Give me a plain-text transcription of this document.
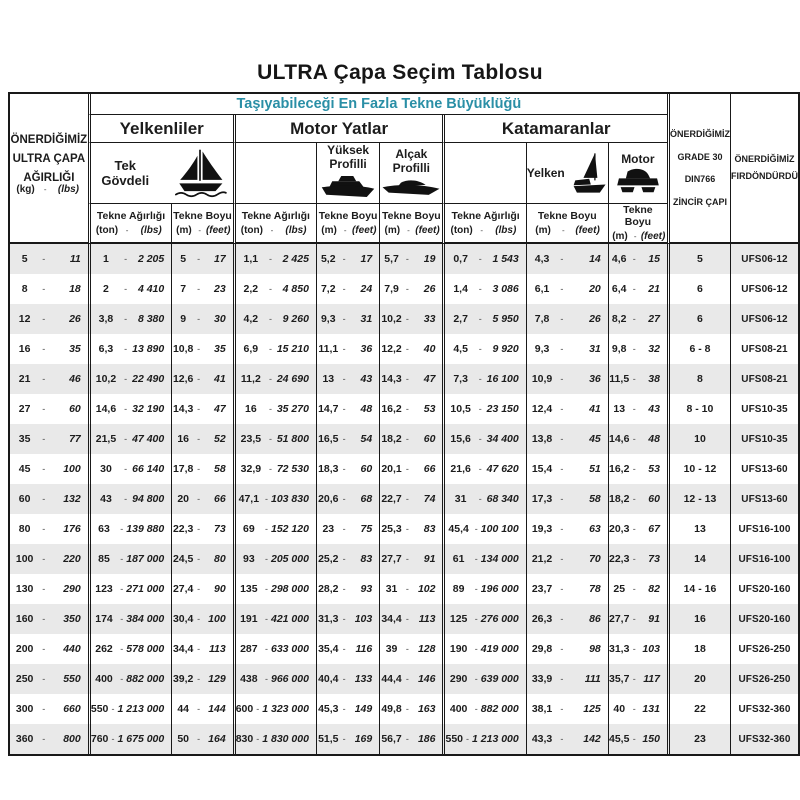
ULTRA Çapa Seçim Tablosu
ÖNERDİĞİMİZ
ULTRA ÇAPA
AĞIRLIĞI
(kg)	-	(lbs)
	Taşıyabileceği En Fazla Tekne Büyüklüğü	
ÖNERDİĞİMİZ
GRADE 30
DIN766
ZİNCİR ÇAPI

ÖNERDİĞİMİZ
FIRDÖNDÜRDÜ

	Yelkenliler		Motor Yatlar			Katamaranlar				

	Tek Gövdeli			Yüksek Profilli	Alçak Profilli		Yelken	Motor		

Tekne Ağırlığı
(ton) -	(lbs)

Tekne Boyu
(m) - (feet)

Tekne Ağırlığı
(ton) -	(lbs)

Tekne Boyu
(m) - (feet)

Tekne Boyu
(m) - (feet)

Tekne Ağırlığı
(ton) -	(lbs)

Tekne Boyu
(m)	-	(feet)

Tekne Boyu
(m) - (feet)

5 - 11	1 - 2 205	5 - 17	1,1 - 2 425	5,2 - 17	5,7 - 19	0,7 - 1 543	4,3 - 14	4,6 - 15	5	UFS06-12

8 - 18	2 - 4 410	7 - 23	2,2 - 4 850	7,2 - 24	7,9 - 26	1,4 - 3 086	6,1 - 20	6,4 - 21	6	UFS06-12

12 - 26	3,8 - 8 380	9 - 30	4,2 - 9 260	9,3 - 31	10,2 - 33	2,7 - 5 950	7,8 - 26	8,2 - 27	6	UFS06-12

16 - 35	6,3 - 13 890	10,8 - 35	6,9 - 15 210	11,1 - 36	12,2 - 40	4,5 - 9 920	9,3 - 31	9,8 - 32	6 - 8	UFS08-21

21 - 46	10,2 - 22 490	12,6 - 41	11,2 - 24 690	13 - 43	14,3 - 47	7,3 - 16 100	10,9 - 36	11,5 - 38	8	UFS08-21

27 - 60	14,6 - 32 190	14,3 - 47	16 - 35 270	14,7 - 48	16,2 - 53	10,5 - 23 150	12,4 - 41	13 - 43	8 - 10	UFS10-35

35 - 77	21,5 - 47 400	16 - 52	23,5 - 51 800	16,5 - 54	18,2 - 60	15,6 - 34 400	13,8 - 45	14,6 - 48	10	UFS10-35

45 - 100	30 - 66 140	17,8 - 58	32,9 - 72 530	18,3 - 60	20,1 - 66	21,6 - 47 620	15,4 - 51	16,2 - 53	10 - 12	UFS13-60

60 - 132	43 - 94 800	20 - 66	47,1 - 103 830	20,6 - 68	22,7 - 74	31 - 68 340	17,3 - 58	18,2 - 60	12 - 13	UFS13-60

80 - 176	63 - 139 880	22,3 - 73	69 - 152 120	23 - 75	25,3 - 83	45,4 - 100 100	19,3 - 63	20,3 - 67	13	UFS16-100

100 - 220	85 - 187 000	24,5 - 80	93 - 205 000	25,2 - 83	27,7 - 91	61 - 134 000	21,2 - 70	22,3 - 73	14	UFS16-100

130 - 290	123 - 271 000	27,4 - 90	135 - 298 000	28,2 - 93	31 - 102	89 - 196 000	23,7 - 78	25 - 82	14 - 16	UFS20-160

160 - 350	174 - 384 000	30,4 - 100	191 - 421 000	31,3 - 103	34,4 - 113	125 - 276 000	26,3 - 86	27,7 - 91	16	UFS20-160

200 - 440	262 - 578 000	34,4 - 113	287 - 633 000	35,4 - 116	39 - 128	190 - 419 000	29,8 - 98	31,3 - 103	18	UFS26-250

250 - 550	400 - 882 000	39,2 - 129	438 - 966 000	40,4 - 133	44,4 - 146	290 - 639 000	33,9 - 111	35,7 - 117	20	UFS26-250

300 - 660	550 - 1 213 000	44 - 144	600 - 1 323 000	45,3 - 149	49,8 - 163	400 - 882 000	38,1 - 125	40 - 131	22	UFS32-360

360 - 800	760 - 1 675 000	50 - 164	830 - 1 830 000	51,5 - 169	56,7 - 186	550 - 1 213 000	43,3 - 142	45,5 - 150	23	UFS32-360
